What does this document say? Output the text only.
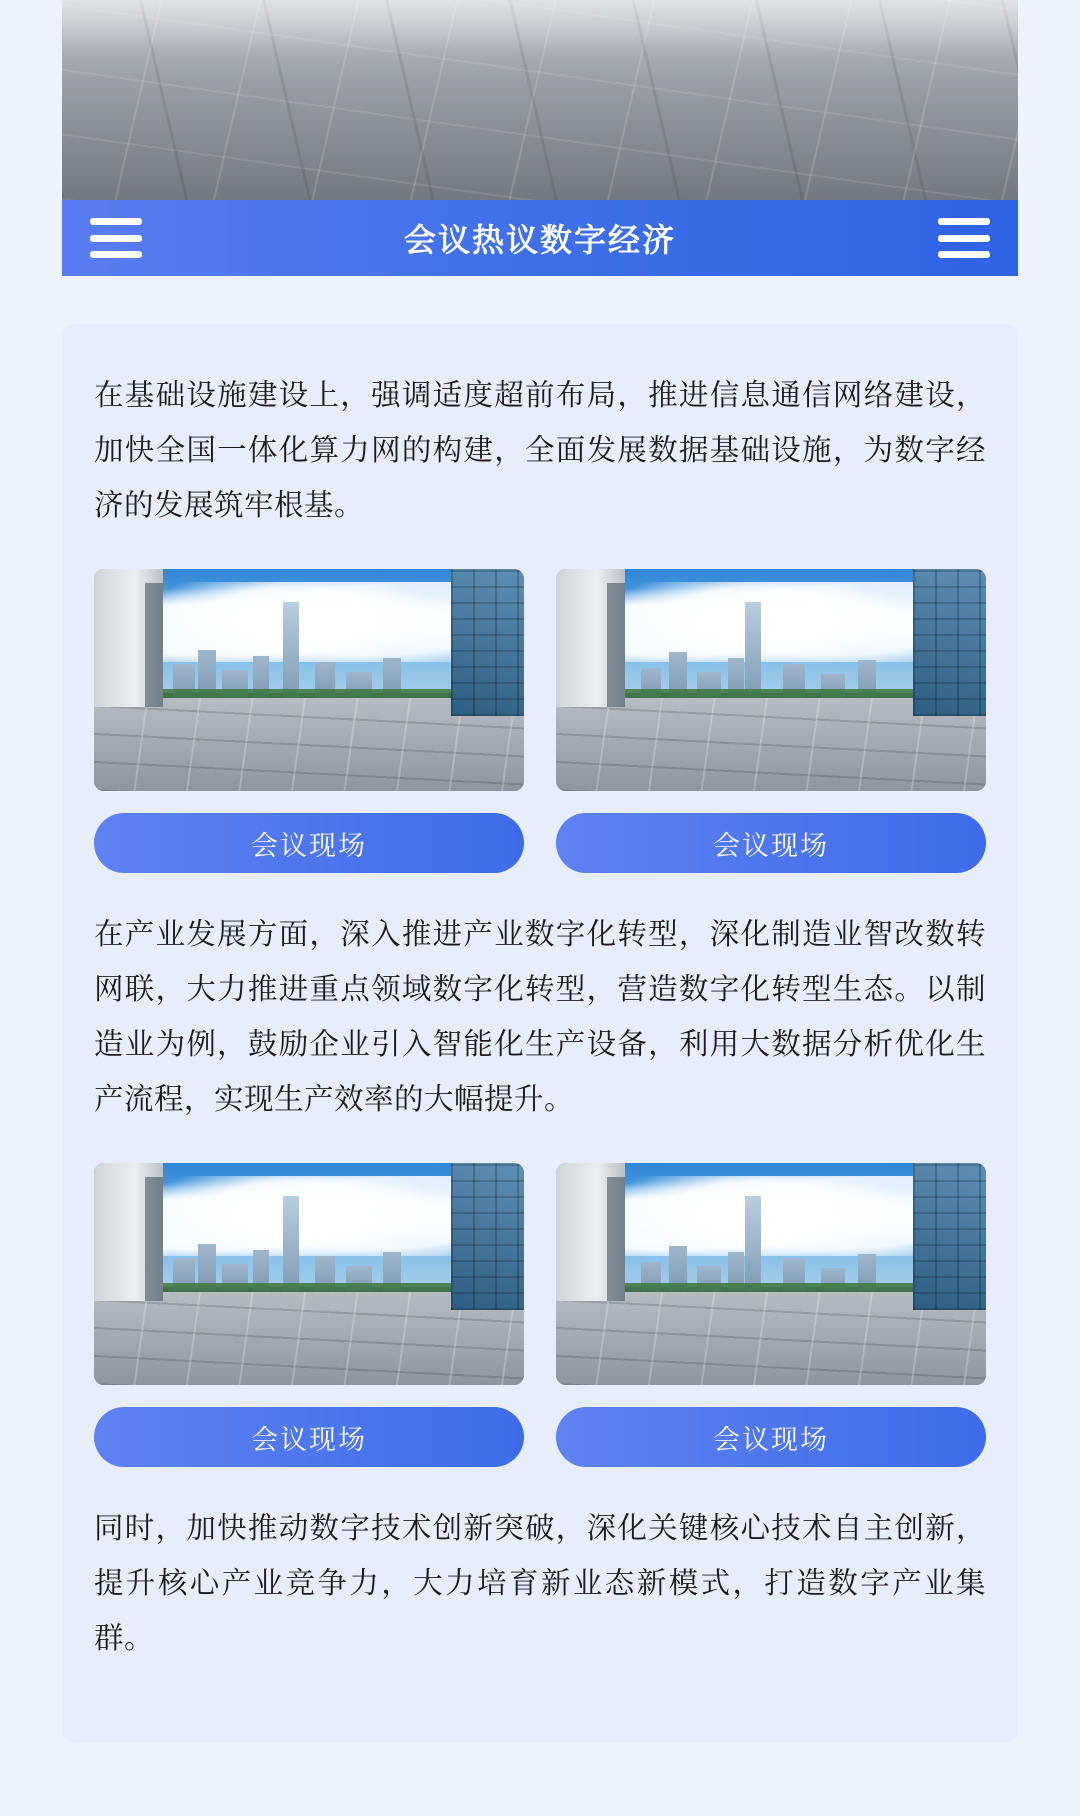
会议热议数字经济

在基础设施建设上，强调适度超前布局，推进信息通信网络建设，加快全国一体化算力网的构建，全面发展数据基础设施，为数字经济的发展筑牢根基。

会议现场	会议现场

在产业发展方面，深入推进产业数字化转型，深化制造业智改数转网联，大力推进重点领域数字化转型，营造数字化转型生态。以制造业为例，鼓励企业引入智能化生产设备，利用大数据分析优化生产流程，实现生产效率的大幅提升。

会议现场	会议现场

同时，加快推动数字技术创新突破，深化关键核心技术自主创新，提升核心产业竞争力，大力培育新业态新模式，打造数字产业集群。
